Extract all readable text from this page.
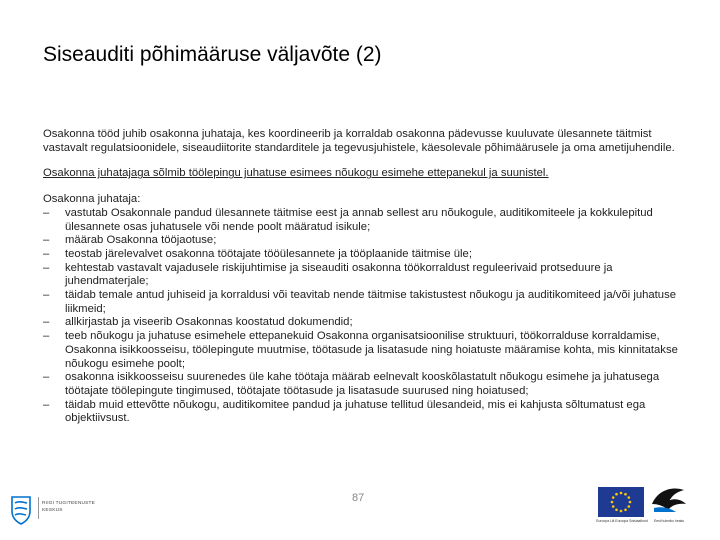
Siseauditi põhimääruse väljavõte (2)

Osakonna tööd juhib osakonna juhataja, kes koordineerib ja korraldab osakonna pädevusse kuuluvate ülesannete täitmist vastavalt regulatsioonidele, siseaudiitorite standarditele ja tegevusjuhistele, käesolevale põhimäärusele ja oma ametijuhendile.

Osakonna juhatajaga sõlmib töölepingu juhatuse esimees nõukogu esimehe ettepanekul ja suunistel.

Osakonna juhataja:

– vastutab Osakonnale pandud ülesannete täitmise eest ja annab sellest aru nõukogule, auditikomiteele ja kokkulepitud ülesannete osas juhatusele või nende poolt määratud isikule;
– määrab Osakonna tööjaotuse;
– teostab järelevalvet osakonna töötajate tööülesannete ja tööplaanide täitmise üle;
– kehtestab vastavalt vajadusele riskijuhtimise ja siseauditi osakonna töökorraldust reguleerivaid protseduure ja juhendmaterjale;
– täidab temale antud juhiseid ja korraldusi või teavitab nende täitmise takistustest nõukogu ja auditikomiteed ja/või juhatuse liikmeid;
– allkirjastab ja viseerib Osakonnas koostatud dokumendid;
– teeb nõukogu ja juhatuse esimehele ettepanekuid Osakonna organisatsioonilise struktuuri, töökorralduse korraldamise, Osakonna isikkoosseisu, töölepingute muutmise, töötasude ja lisatasude ning hoiatuste määramise kohta, mis kinnitatakse nõukogu esimehe poolt;
– osakonna isikkoosseisu suurenedes üle kahe töötaja määrab eelnevalt kooskõlastatult nõukogu esimehe ja juhatusega töötajate töölepingute tingimused, töötajate töötasude ja lisatasude suurused ning hoiatused;
– täidab muid ettevõtte nõukogu, auditikomitee pandud ja juhatuse tellitud ülesandeid, mis ei kahjusta sõltumatust ega objektiivsust.
87
RIIGI TUGITEENUSTE
KESKUS
Euroopa Liit Euroopa Sotsiaalfond	Eesti tuleviku heaks
